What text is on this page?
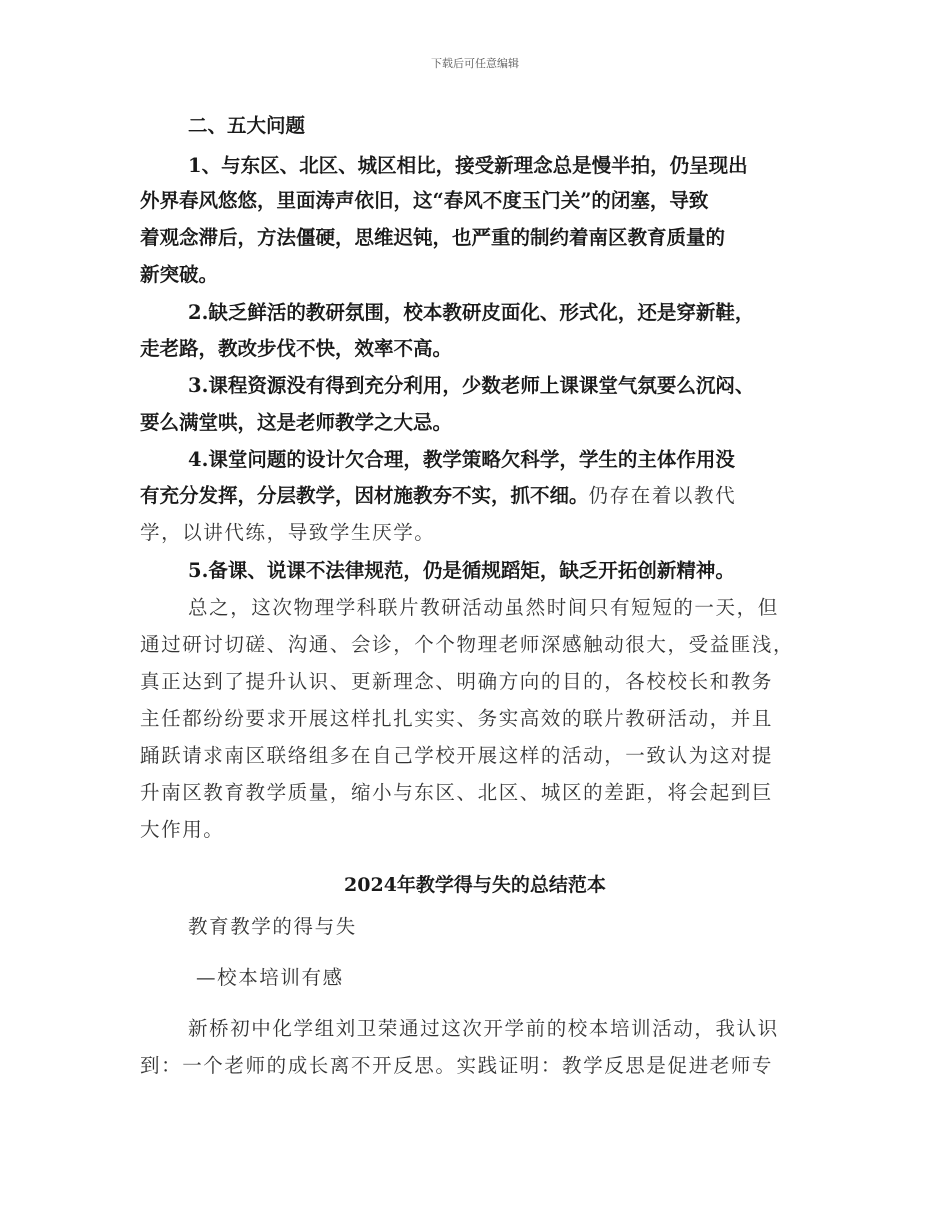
下载后可任意编辑
二、五大问题
1、与东区、北区、城区相比，接受新理念总是慢半拍，仍呈现出
外界春风悠悠，里面涛声依旧，这“春风不度玉门关”的闭塞，导致
着观念滞后，方法僵硬，思维迟钝，也严重的制约着南区教育质量的
新突破。
2.缺乏鲜活的教研氛围，校本教研皮面化、形式化，还是穿新鞋，
走老路，教改步伐不快，效率不高。
3.课程资源没有得到充分利用，少数老师上课课堂气氛要么沉闷、
要么满堂哄，这是老师教学之大忌。
4.课堂问题的设计欠合理，教学策略欠科学，学生的主体作用没
有充分发挥，分层教学，因材施教夯不实，抓不细。仍存在着以教代
学，以讲代练，导致学生厌学。
5.备课、说课不法律规范，仍是循规蹈矩，缺乏开拓创新精神。
总之，这次物理学科联片教研活动虽然时间只有短短的一天，但
通过研讨切磋、沟通、会诊，个个物理老师深感触动很大，受益匪浅，
真正达到了提升认识、更新理念、明确方向的目的，各校校长和教务
主任都纷纷要求开展这样扎扎实实、务实高效的联片教研活动，并且
踊跃请求南区联络组多在自己学校开展这样的活动，一致认为这对提
升南区教育教学质量，缩小与东区、北区、城区的差距，将会起到巨
大作用。
2024年教学得与失的总结范本
教育教学的得与失
—校本培训有感
新桥初中化学组刘卫荣通过这次开学前的校本培训活动，我认识
到：一个老师的成长离不开反思。实践证明：教学反思是促进老师专
